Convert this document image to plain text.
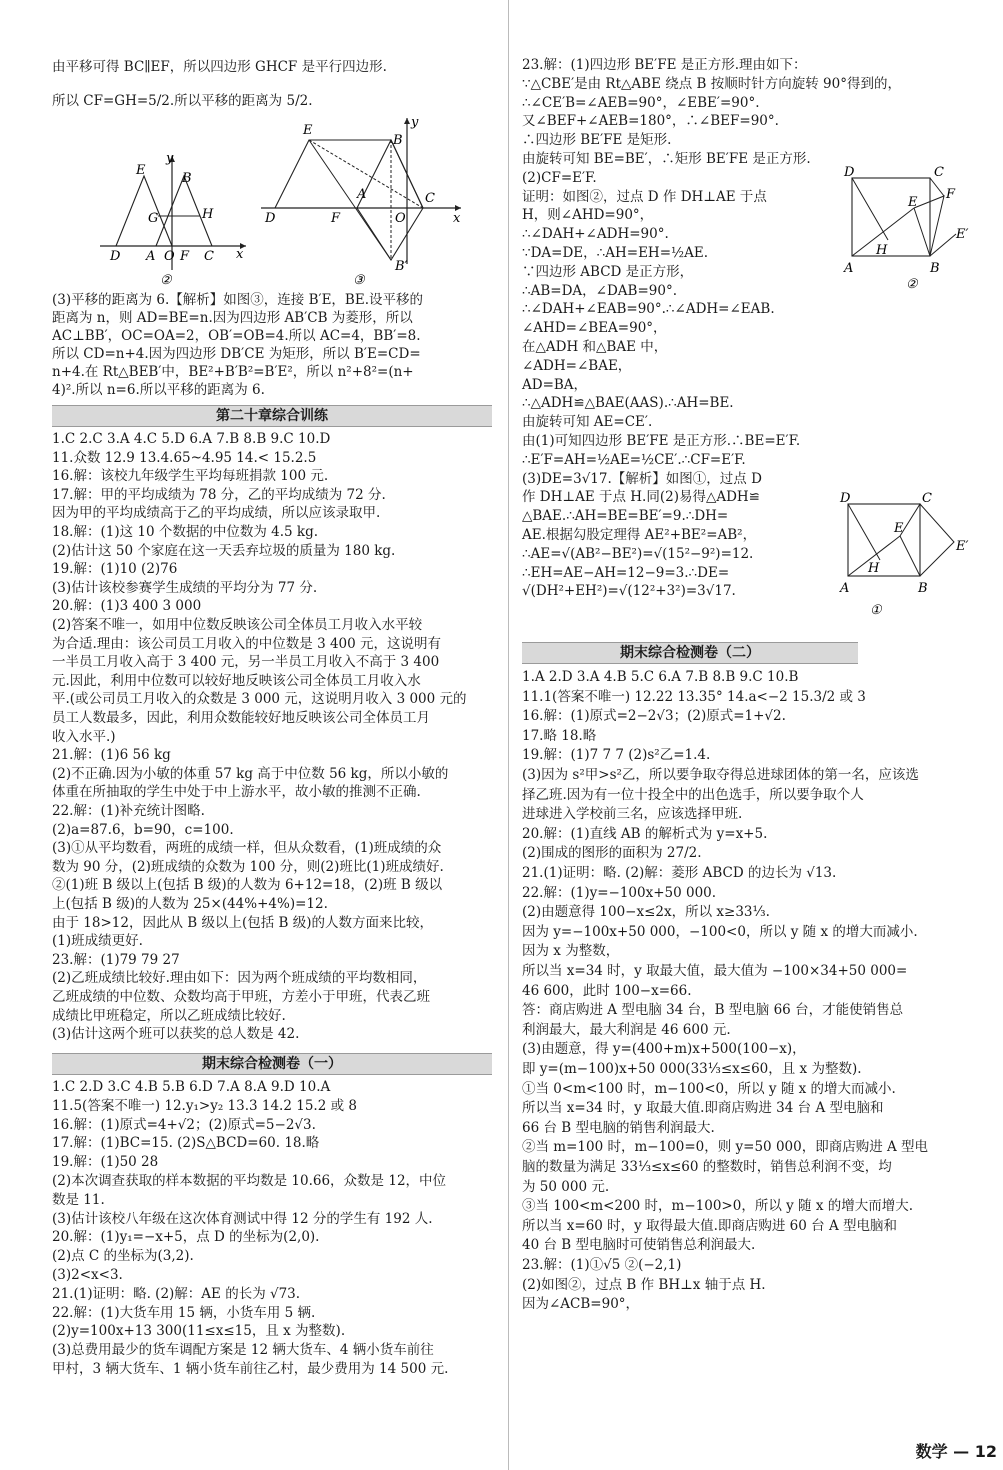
由平移可得 BC∥EF，所以四边形 GHCF 是平行四边形.
所以 CF=GH=5/2.所以平移的距离为 5/2.
E
B
G	H
D A O F C x
y
②
E
B
A	C
D	F	O	x
y
B′
③
(3)平移的距离为 6.【解析】如图③，连接 B′E，BE.设平移的
距离为 n，则 AD=BE=n.因为四边形 AB′CB 为菱形，所以
AC⊥BB′，OC=OA=2，OB′=OB=4.所以 AC=4，BB′=8.
所以 CD=n+4.因为四边形 DB′CE 为矩形，所以 B′E=CD=
n+4.在 Rt△BEB′中，BE²+B′B²=B′E²，所以 n²+8²=(n+
4)².所以 n=6.所以平移的距离为 6.
第二十章综合训练
1.C 2.C 3.A 4.C 5.D 6.A 7.B 8.B 9.C 10.D
11.众数 12.9 13.4.65~4.95 14.< 15.2.5
16.解：该校九年级学生平均每班捐款 100 元.
17.解：甲的平均成绩为 78 分，乙的平均成绩为 72 分.
因为甲的平均成绩高于乙的平均成绩，所以应该录取甲.
18.解：(1)这 10 个数据的中位数为 4.5 kg.
(2)估计这 50 个家庭在这一天丢弃垃圾的质量为 180 kg.
19.解：(1)10 (2)76
(3)估计该校参赛学生成绩的平均分为 77 分.
20.解：(1)3 400 3 000
(2)答案不唯一，如用中位数反映该公司全体员工月收入水平较
为合适.理由：该公司员工月收入的中位数是 3 400 元，这说明有
一半员工月收入高于 3 400 元，另一半员工月收入不高于 3 400
元.因此，利用中位数可以较好地反映该公司全体员工月收入水
平.(或公司员工月收入的众数是 3 000 元，这说明月收入 3 000 元的
员工人数最多，因此，利用众数能较好地反映该公司全体员工月
收入水平.)
21.解：(1)6 56 kg
(2)不正确.因为小敏的体重 57 kg 高于中位数 56 kg，所以小敏的
体重在所抽取的学生中处于中上游水平，故小敏的推测不正确.
22.解：(1)补充统计图略.
(2)a=87.6，b=90，c=100.
(3)①从平均数看，两班的成绩一样，但从众数看，(1)班成绩的众
数为 90 分，(2)班成绩的众数为 100 分，则(2)班比(1)班成绩好.
②(1)班 B 级以上(包括 B 级)的人数为 6+12=18，(2)班 B 级以
上(包括 B 级)的人数为 25×(44%+4%)=12.
由于 18>12，因此从 B 级以上(包括 B 级)的人数方面来比较，
(1)班成绩更好.
23.解：(1)79 79 27
(2)乙班成绩比较好.理由如下：因为两个班成绩的平均数相同，
乙班成绩的中位数、众数均高于甲班，方差小于甲班，代表乙班
成绩比甲班稳定，所以乙班成绩比较好.
(3)估计这两个班可以获奖的总人数是 42.
期末综合检测卷（一）
1.C 2.D 3.C 4.B 5.B 6.D 7.A 8.A 9.D 10.A
11.5(答案不唯一) 12.y₁>y₂ 13.3 14.2 15.2 或 8
16.解：(1)原式=4+√2；(2)原式=5−2√3.
17.解：(1)BC=15. (2)S△BCD=60. 18.略
19.解：(1)50 28
(2)本次调查获取的样本数据的平均数是 10.66，众数是 12，中位
数是 11.
(3)估计该校八年级在这次体育测试中得 12 分的学生有 192 人.
20.解：(1)y₁=−x+5，点 D 的坐标为(2,0).
(2)点 C 的坐标为(3,2).
(3)2<x<3.
21.(1)证明：略. (2)解：AE 的长为 √73.
22.解：(1)大货车用 15 辆，小货车用 5 辆.
(2)y=100x+13 300(11≤x≤15，且 x 为整数).
(3)总费用最少的货车调配方案是 12 辆大货车、4 辆小货车前往
甲村，3 辆大货车、1 辆小货车前往乙村，最少费用为 14 500 元.
23.解：(1)四边形 BE′FE 是正方形.理由如下：
∵△CBE′是由 Rt△ABE 绕点 B 按顺时针方向旋转 90°得到的，
∴∠CE′B=∠AEB=90°，∠EBE′=90°.
又∠BEF+∠AEB=180°，∴∠BEF=90°.
∴四边形 BE′FE 是矩形.
由旋转可知 BE=BE′，∴矩形 BE′FE 是正方形.
(2)CF=E′F.
证明：如图②，过点 D 作 DH⊥AE 于点
H，则∠AHD=90°，
∴∠DAH+∠ADH=90°.
∵DA=DE，∴AH=EH=½AE.
∵四边形 ABCD 是正方形，
∴AB=DA，∠DAB=90°.
∴∠DAH+∠EAB=90°.∴∠ADH=∠EAB.
∠AHD=∠BEA=90°，
在△ADH 和△BAE 中，
∠ADH=∠BAE，
AD=BA，
∴△ADH≌△BAE(AAS).∴AH=BE.
由旋转可知 AE=CE′.
由(1)可知四边形 BE′FE 是正方形.∴BE=E′F.
∴E′F=AH=½AE=½CE′.∴CF=E′F.
(3)DE=3√17.【解析】如图①，过点 D
作 DH⊥AE 于点 H.同(2)易得△ADH≌
△BAE.∴AH=BE=BE′=9.∴DH=
AE.根据勾股定理得 AE²+BE²=AB²，
∴AE=√(AB²−BE²)=√(15²−9²)=12.
∴EH=AE−AH=12−9=3.∴DE=
√(DH²+EH²)=√(12²+3²)=3√17.
D	C
F
E
E′
H
A	B
②
D	C
E
E′
H
A	B
①
期末综合检测卷（二）
1.A 2.D 3.A 4.B 5.C 6.A 7.B 8.B 9.C 10.B
11.1(答案不唯一) 12.22 13.35° 14.a<−2 15.3/2 或 3
16.解：(1)原式=2−2√3；(2)原式=1+√2.
17.略 18.略
19.解：(1)7 7 7 (2)s²乙=1.4.
(3)因为 s²甲>s²乙，所以要争取夺得总进球团体的第一名，应该选
择乙班.因为有一位十投全中的出色选手，所以要争取个人
进球进入学校前三名，应该选择甲班.
20.解：(1)直线 AB 的解析式为 y=x+5.
(2)围成的图形的面积为 27/2.
21.(1)证明：略. (2)解：菱形 ABCD 的边长为 √13.
22.解：(1)y=−100x+50 000.
(2)由题意得 100−x≤2x，所以 x≥33⅓.
因为 y=−100x+50 000，−100<0，所以 y 随 x 的增大而减小.
因为 x 为整数，
所以当 x=34 时，y 取最大值，最大值为 −100×34+50 000=
46 600，此时 100−x=66.
答：商店购进 A 型电脑 34 台，B 型电脑 66 台，才能使销售总
利润最大，最大利润是 46 600 元.
(3)由题意，得 y=(400+m)x+500(100−x)，
即 y=(m−100)x+50 000(33⅓≤x≤60，且 x 为整数).
①当 0<m<100 时，m−100<0，所以 y 随 x 的增大而减小.
所以当 x=34 时，y 取最大值.即商店购进 34 台 A 型电脑和
66 台 B 型电脑的销售利润最大.
②当 m=100 时，m−100=0，则 y=50 000，即商店购进 A 型电
脑的数量为满足 33⅓≤x≤60 的整数时，销售总利润不变，均
为 50 000 元.
③当 100<m<200 时，m−100>0，所以 y 随 x 的增大而增大.
所以当 x=60 时，y 取得最大值.即商店购进 60 台 A 型电脑和
40 台 B 型电脑时可使销售总利润最大.
23.解：(1)①√5 ②(−2,1)
(2)如图②，过点 B 作 BH⊥x 轴于点 H.
因为∠ACB=90°，
数学 — 12
